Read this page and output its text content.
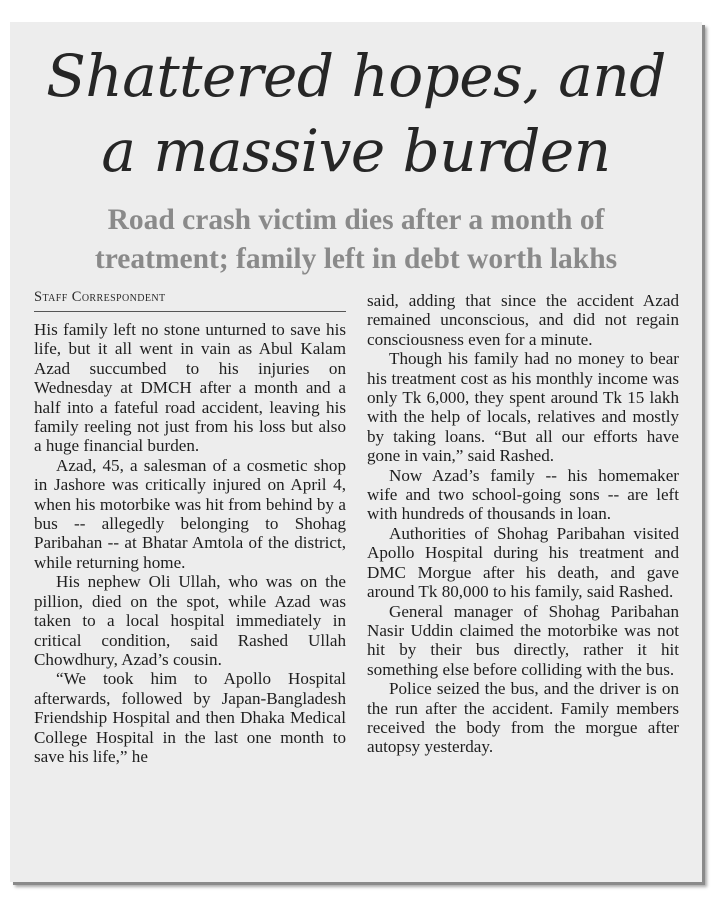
Shattered hopes, and
a massive burden
Road crash victim dies after a month of
treatment; family left in debt worth lakhs
Staff Correspondent

His family left no stone unturned to save his life, but it all went in vain as Abul Kalam Azad succumbed to his injuries on Wednesday at DMCH after a month and a half into a fateful road accident, leaving his family reeling not just from his loss but also a huge financial burden.

Azad, 45, a salesman of a cosmetic shop in Jashore was critically injured on April 4, when his motorbike was hit from behind by a bus -- allegedly belonging to Shohag Paribahan -- at Bhatar Amtola of the district, while returning home.

His nephew Oli Ullah, who was on the pillion, died on the spot, while Azad was taken to a local hospital immediately in critical condition, said Rashed Ullah Chowdhury, Azad’s cousin.

“We took him to Apollo Hospital afterwards, followed by Japan-Bangladesh Friendship Hospital and then Dhaka Medical College Hospital in the last one month to save his life,” he

said, adding that since the accident Azad remained unconscious, and did not regain consciousness even for a minute.

Though his family had no money to bear his treatment cost as his monthly income was only Tk 6,000, they spent around Tk 15 lakh with the help of locals, relatives and mostly by taking loans. “But all our efforts have gone in vain,” said Rashed.

Now Azad’s family -- his homemaker wife and two school-going sons -- are left with hundreds of thousands in loan.

Authorities of Shohag Paribahan visited Apollo Hospital during his treatment and DMC Morgue after his death, and gave around Tk 80,000 to his family, said Rashed.

General manager of Shohag Paribahan Nasir Uddin claimed the motorbike was not hit by their bus directly, rather it hit something else before colliding with the bus.

Police seized the bus, and the driver is on the run after the accident. Family members received the body from the morgue after autopsy yesterday.
